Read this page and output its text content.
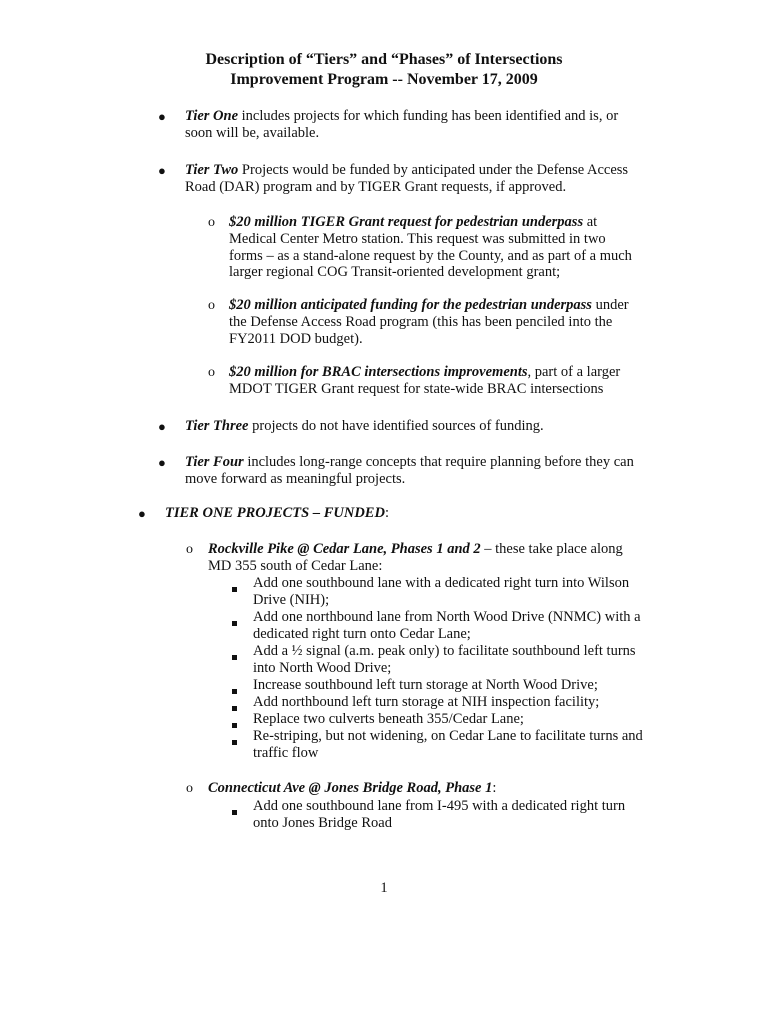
Description of “Tiers” and “Phases” of Intersections
Improvement Program -- November 17, 2009
● Tier One includes projects for which funding has been identified and is, or
soon will be, available.
● Tier Two Projects would be funded by anticipated under the Defense Access
Road (DAR) program and by TIGER Grant requests, if approved.
o $20 million TIGER Grant request for pedestrian underpass at
Medical Center Metro station. This request was submitted in two
forms – as a stand-alone request by the County, and as part of a much
larger regional COG Transit-oriented development grant;
o $20 million anticipated funding for the pedestrian underpass under
the Defense Access Road program (this has been penciled into the
FY2011 DOD budget).
o $20 million for BRAC intersections improvements, part of a larger
MDOT TIGER Grant request for state-wide BRAC intersections
● Tier Three projects do not have identified sources of funding.
● Tier Four includes long-range concepts that require planning before they can
move forward as meaningful projects.
● TIER ONE PROJECTS – FUNDED:
o Rockville Pike @ Cedar Lane, Phases 1 and 2 – these take place along
MD 355 south of Cedar Lane:
Add one southbound lane with a dedicated right turn into Wilson
Drive (NIH);
Add one northbound lane from North Wood Drive (NNMC) with a
dedicated right turn onto Cedar Lane;
Add a ½ signal (a.m. peak only) to facilitate southbound left turns
into North Wood Drive;
Increase southbound left turn storage at North Wood Drive;
Add northbound left turn storage at NIH inspection facility;
Replace two culverts beneath 355/Cedar Lane;
Re-striping, but not widening, on Cedar Lane to facilitate turns and
traffic flow
o Connecticut Ave @ Jones Bridge Road, Phase 1:
Add one southbound lane from I-495 with a dedicated right turn
onto Jones Bridge Road
1
